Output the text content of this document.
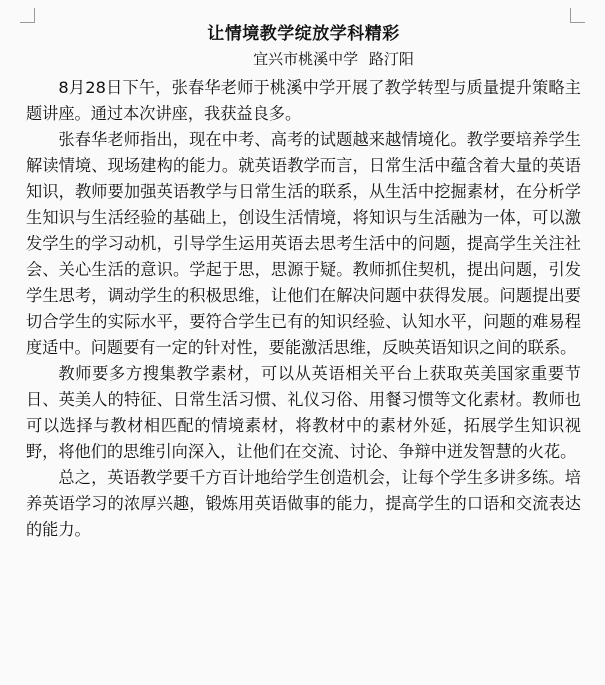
让情境教学绽放学科精彩

宜兴市桃溪中学 路汀阳

8月28日下午，张春华老师于桃溪中学开展了教学转型与质量提升策略主题讲座。通过本次讲座，我获益良多。

张春华老师指出，现在中考、高考的试题越来越情境化。教学要培养学生解读情境、现场建构的能力。就英语教学而言，日常生活中蕴含着大量的英语知识，教师要加强英语教学与日常生活的联系，从生活中挖掘素材，在分析学生知识与生活经验的基础上，创设生活情境，将知识与生活融为一体，可以激发学生的学习动机，引导学生运用英语去思考生活中的问题，提高学生关注社会、关心生活的意识。学起于思，思源于疑。教师抓住契机，提出问题，引发学生思考，调动学生的积极思维，让他们在解决问题中获得发展。问题提出要切合学生的实际水平，要符合学生已有的知识经验、认知水平，问题的难易程度适中。问题要有一定的针对性，要能激活思维，反映英语知识之间的联系。

教师要多方搜集教学素材，可以从英语相关平台上获取英美国家重要节日、英美人的特征、日常生活习惯、礼仪习俗、用餐习惯等文化素材。教师也可以选择与教材相匹配的情境素材，将教材中的素材外延，拓展学生知识视野，将他们的思维引向深入，让他们在交流、讨论、争辩中迸发智慧的火花。

总之，英语教学要千方百计地给学生创造机会，让每个学生多讲多练。培养英语学习的浓厚兴趣，锻炼用英语做事的能力，提高学生的口语和交流表达的能力。
